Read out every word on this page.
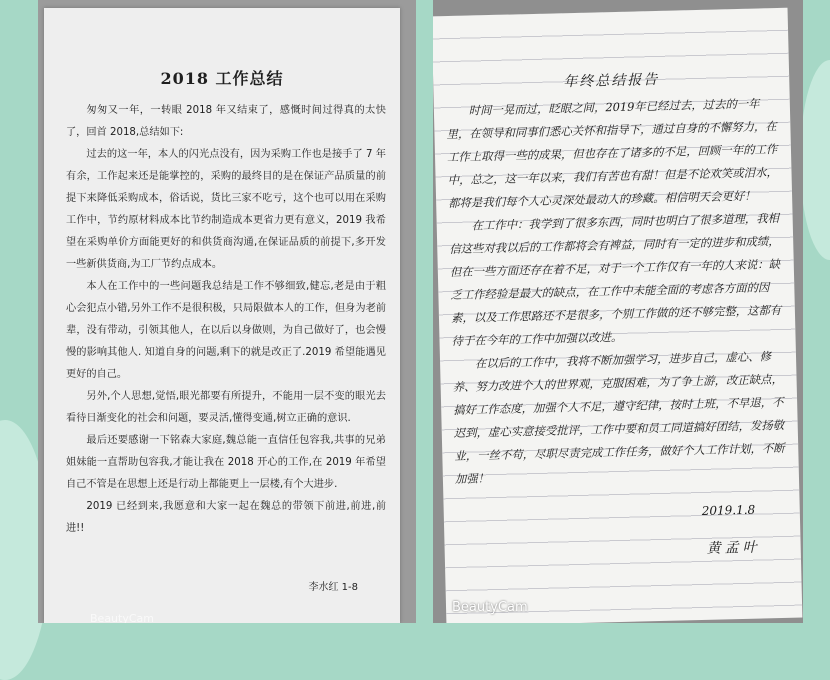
2018 工作总结

匆匆又一年，一转眼 2018 年又结束了，感慨时间过得真的太快了，回首 2018,总结如下:

过去的这一年，本人的闪光点没有，因为采购工作也是接手了 7 年有余，工作起来还是能掌控的，采购的最终目的是在保证产品质量的前提下来降低采购成本，俗话说，货比三家不吃亏，这个也可以用在采购工作中，节约原材料成本比节约制造成本更省力更有意义，2019 我希望在采购单价方面能更好的和供货商沟通,在保证品质的前提下,多开发一些新供货商,为工厂节约点成本。

本人在工作中的一些问题我总结是工作不够细致,健忘,老是由于粗心会犯点小错,另外工作不是很积极，只局限做本人的工作，但身为老前辈，没有带动，引领其他人，在以后以身做则，为自己做好了，也会慢慢的影响其他人. 知道自身的问题,剩下的就是改正了.2019 希望能遇见更好的自己。

另外,个人思想,觉悟,眼光都要有所提升，不能用一层不变的眼光去看待日渐变化的社会和问题，要灵活,懂得变通,树立正确的意识.

最后还要感谢一下铭森大家庭,魏总能一直信任包容我,共事的兄弟姐妹能一直帮助包容我,才能让我在 2018 开心的工作,在 2019 年希望自己不管是在思想上还是行动上都能更上一层楼,有个大进步.

2019 已经到来,我愿意和大家一起在魏总的带领下前进,前进,前进!!

李水红 1-8
BeautyCam
年终总结报告

时间一晃而过，眨眼之间，2019年已经过去，过去的一年里，在领导和同事们悉心关怀和指导下，通过自身的不懈努力，在工作上取得一些的成果，但也存在了诸多的不足，回顾一年的工作中，总之，这一年以来，我们有苦也有甜！但是不论欢笑或泪水，都将是我们每个人心灵深处最动人的珍藏。相信明天会更好！

在工作中：我学到了很多东西，同时也明白了很多道理，我相信这些对我以后的工作都将会有裨益，同时有一定的进步和成绩，但在一些方面还存在着不足，对于一个工作仅有一年的人来说：缺乏工作经验是最大的缺点，在工作中未能全面的考虑各方面的因素，以及工作思路还不是很多，个别工作做的还不够完整，这都有待于在今年的工作中加强以改进。

在以后的工作中，我将不断加强学习，进步自己，虚心、修养、努力改进个人的世界观，克服困难，为了争上游，改正缺点，搞好工作态度，加强个人不足，遵守纪律，按时上班，不早退，不迟到，虚心实意接受批评，工作中要和员工同道搞好团结，发扬敬业，一丝不苟，尽职尽责完成工作任务，做好个人工作计划，不断加强！

2019.1.8
黄孟叶
BeautyCam
